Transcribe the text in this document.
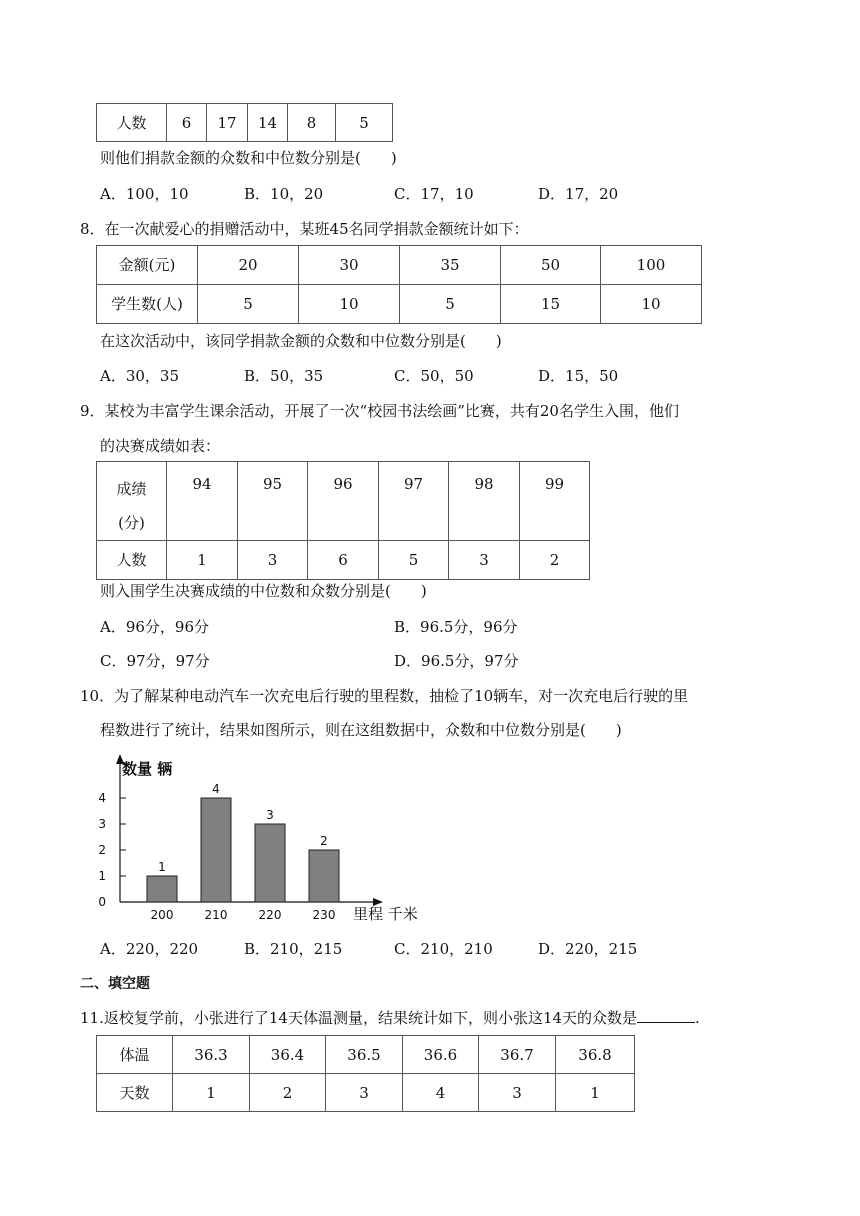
人数	6	17	14	8	5
则他们捐款金额的众数和中位数分别是(　　)
A．100，10	B．10，20	C．17，10	D．17，20
8．在一次献爱心的捐赠活动中，某班45名同学捐款金额统计如下：
金额(元)	20	30	35	50	100
学生数(人)	5	10	5	15	10
在这次活动中，该同学捐款金额的众数和中位数分别是(　　)
A．30，35	B．50，35	C．50，50	D．15，50
9．某校为丰富学生课余活动，开展了一次“校园书法绘画”比赛，共有20名学生入围，他们
的决赛成绩如表：
成绩
(分)	94	95	96	97	98	99
人数	1	3	6	5	3	2
则入围学生决赛成绩的中位数和众数分别是(　　)
A．96分，96分	B．96.5分，96分
C．97分，97分	D．96.5分，97分
10．为了解某种电动汽车一次充电后行驶的里程数，抽检了10辆车，对一次充电后行驶的里
程数进行了统计，结果如图所示，则在这组数据中，众数和中位数分别是(　　)
0
1
2
3
4
1
200
4
210
3
220
2
230
数量 辆
里程 千米
A．220，220	B．210，215	C．210，210	D．220，215
二、填空题
11.返校复学前，小张进行了14天体温测量，结果统计如下，则小张这14天的众数是	.
体温	36.3	36.4	36.5	36.6	36.7	36.8
天数	1	2	3	4	3	1
